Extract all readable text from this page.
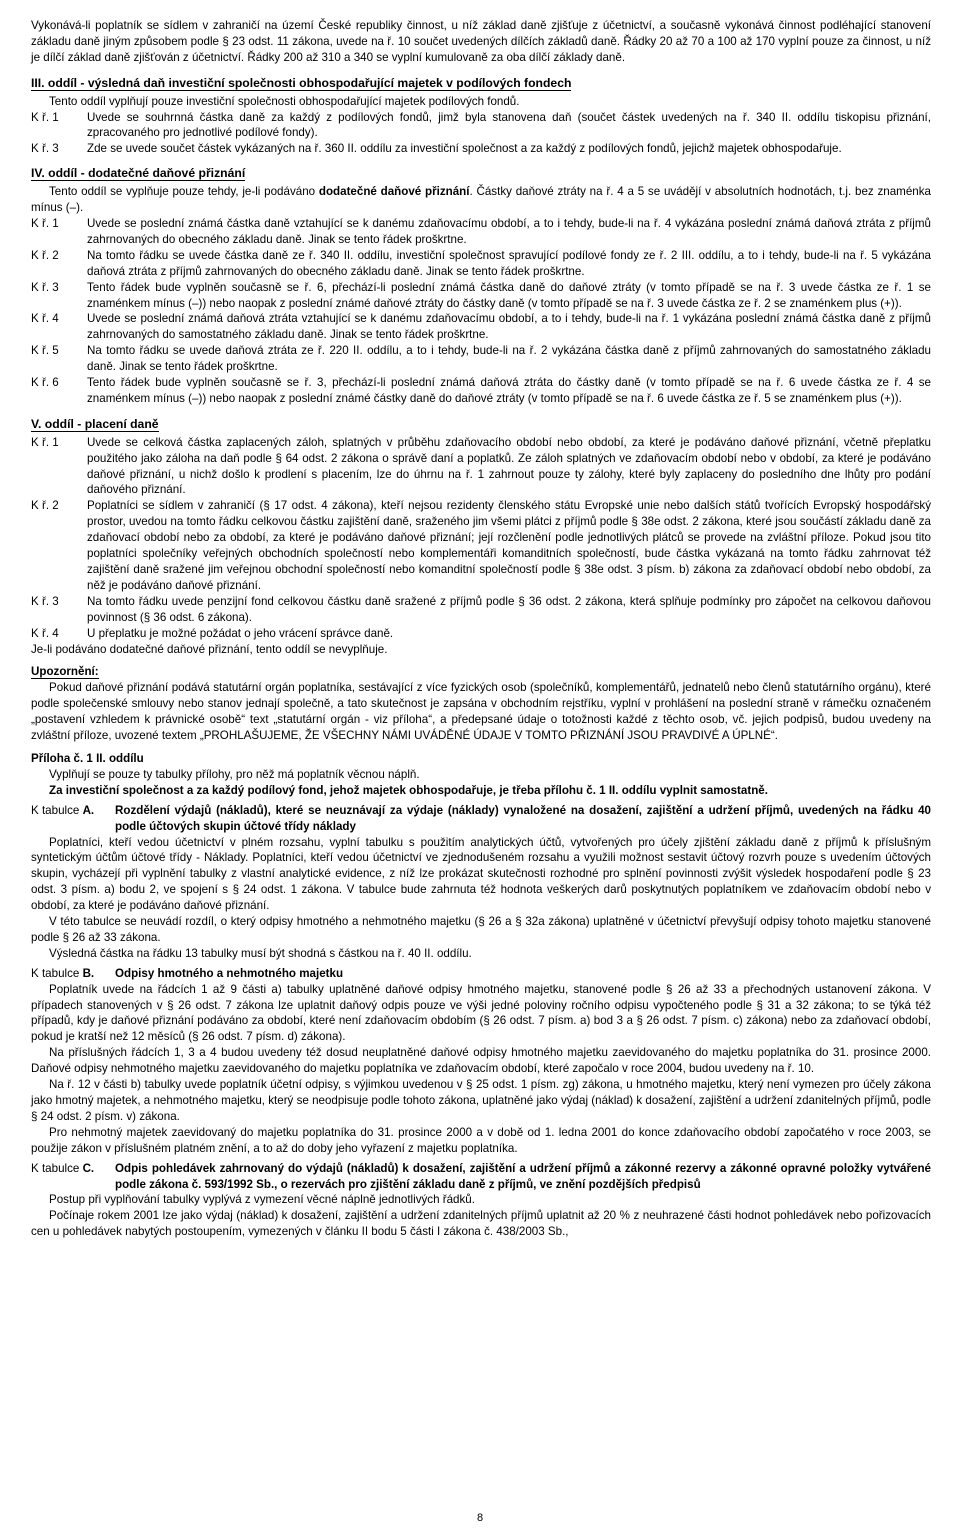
Vykonává-li poplatník se sídlem v zahraničí na území České republiky činnost, u níž základ daně zjišťuje z účetnictví, a současně vykonává činnost podléhající stanovení základu daně jiným způsobem podle § 23 odst. 11 zákona, uvede na ř. 10 součet uvedených dílčích základů daně. Řádky 20 až 70 a 100 až 170 vyplní pouze za činnost, u níž je dílčí základ daně zjišťován z účetnictví. Řádky 200 až 310 a 340 se vyplní kumulovaně za oba dílčí základy daně.

III. oddíl - výsledná daň investiční společnosti obhospodařující majetek v podílových fondech

Tento oddíl vyplňují pouze investiční společnosti obhospodařující majetek podílových fondů.

K ř. 1	Uvede se souhrnná částka daně za každý z podílových fondů, jimž byla stanovena daň (součet částek uvedených na ř. 340 II. oddílu tiskopisu přiznání, zpracovaného pro jednotlivé podílové fondy).
K ř. 3	Zde se uvede součet částek vykázaných na ř. 360 II. oddílu za investiční společnost a za každý z podílových fondů, jejichž majetek obhospodařuje.
IV. oddíl - dodatečné daňové přiznání

Tento oddíl se vyplňuje pouze tehdy, je-li podáváno dodatečné daňové přiznání. Částky daňové ztráty na ř. 4 a 5 se uvádějí v absolutních hodnotách, t.j. bez znaménka mínus (–).

K ř. 1	Uvede se poslední známá částka daně vztahující se k danému zdaňovacímu období, a to i tehdy, bude-li na ř. 4 vykázána poslední známá daňová ztráta z příjmů zahrnovaných do obecného základu daně. Jinak se tento řádek proškrtne.
K ř. 2	Na tomto řádku se uvede částka daně ze ř. 340 II. oddílu, investiční společnost spravující podílové fondy ze ř. 2 III. oddílu, a to i tehdy, bude-li na ř. 5 vykázána daňová ztráta z příjmů zahrnovaných do obecného základu daně. Jinak se tento řádek proškrtne.
K ř. 3	Tento řádek bude vyplněn současně se ř. 6, přechází-li poslední známá částka daně do daňové ztráty (v tomto případě se na ř. 3 uvede částka ze ř. 1 se znaménkem mínus (–)) nebo naopak z poslední známé daňové ztráty do částky daně (v tomto případě se na ř. 3 uvede částka ze ř. 2 se znaménkem plus (+)).
K ř. 4	Uvede se poslední známá daňová ztráta vztahující se k danému zdaňovacímu období, a to i tehdy, bude-li na ř. 1 vykázána poslední známá částka daně z příjmů zahrnovaných do samostatného základu daně. Jinak se tento řádek proškrtne.
K ř. 5	Na tomto řádku se uvede daňová ztráta ze ř. 220 II. oddílu, a to i tehdy, bude-li na ř. 2 vykázána částka daně z příjmů zahrnovaných do samostatného základu daně. Jinak se tento řádek proškrtne.
K ř. 6	Tento řádek bude vyplněn současně se ř. 3, přechází-li poslední známá daňová ztráta do částky daně (v tomto případě se na ř. 6 uvede částka ze ř. 4 se znaménkem mínus (–)) nebo naopak z poslední známé částky daně do daňové ztráty (v tomto případě se na ř. 6 uvede částka ze ř. 5 se znaménkem plus (+)).
V. oddíl - placení daně
K ř. 1	Uvede se celková částka zaplacených záloh, splatných v průběhu zdaňovacího období nebo období, za které je podáváno daňové přiznání, včetně přeplatku použitého jako záloha na daň podle § 64 odst. 2 zákona o správě daní a poplatků. Ze záloh splatných ve zdaňovacím období nebo v období, za které je podáváno daňové přiznání, u nichž došlo k prodlení s placením, lze do úhrnu na ř. 1 zahrnout pouze ty zálohy, které byly zaplaceny do posledního dne lhůty pro podání daňového přiznání.
K ř. 2	Poplatníci se sídlem v zahraničí (§ 17 odst. 4 zákona), kteří nejsou rezidenty členského státu Evropské unie nebo dalších států tvořících Evropský hospodářský prostor, uvedou na tomto řádku celkovou částku zajištění daně, sraženého jim všemi plátci z příjmů podle § 38e odst. 2 zákona, které jsou součástí základu daně za zdaňovací období nebo za období, za které je podáváno daňové přiznání; její rozčlenění podle jednotlivých plátců se provede na zvláštní příloze. Pokud jsou tito poplatníci společníky veřejných obchodních společností nebo komplementáři komanditních společností, bude částka vykázaná na tomto řádku zahrnovat též zajištění daně sražené jim veřejnou obchodní společností nebo komanditní společností podle § 38e odst. 3 písm. b) zákona za zdaňovací období nebo období, za něž je podáváno daňové přiznání.
K ř. 3	Na tomto řádku uvede penzijní fond celkovou částku daně sražené z příjmů podle § 36 odst. 2 zákona, která splňuje podmínky pro zápočet na celkovou daňovou povinnost (§ 36 odst. 6 zákona).
K ř. 4	U přeplatku je možné požádat o jeho vrácení správce daně.

Je-li podáváno dodatečné daňové přiznání, tento oddíl se nevyplňuje.

Upozornění:

Pokud daňové přiznání podává statutární orgán poplatníka, sestávající z více fyzických osob (společníků, komplementářů, jednatelů nebo členů statutárního orgánu), které podle společenské smlouvy nebo stanov jednají společně, a tato skutečnost je zapsána v obchodním rejstříku, vyplní v prohlášení na poslední straně v rámečku označeném „postavení vzhledem k právnické osobě“ text „statutární orgán - viz příloha“, a předepsané údaje o totožnosti každé z těchto osob, vč. jejich podpisů, budou uvedeny na zvláštní příloze, uvozené textem „PROHLAŠUJEME, ŽE VŠECHNY NÁMI UVÁDĚNÉ ÚDAJE V TOMTO PŘIZNÁNÍ JSOU PRAVDIVÉ A ÚPLNÉ“.

Příloha č. 1 II. oddílu

Vyplňují se pouze ty tabulky přílohy, pro něž má poplatník věcnou náplň.

Za investiční společnost a za každý podílový fond, jehož majetek obhospodařuje, je třeba přílohu č. 1 II. oddílu vyplnit samostatně.

K tabulce A.	Rozdělení výdajů (nákladů), které se neuznávají za výdaje (náklady) vynaložené na dosažení, zajištění a udržení příjmů, uvedených na řádku 40 podle účtových skupin účtové třídy náklady

Poplatníci, kteří vedou účetnictví v plném rozsahu, vyplní tabulku s použitím analytických účtů, vytvořených pro účely zjištění základu daně z příjmů k příslušným syntetickým účtům účtové třídy - Náklady. Poplatníci, kteří vedou účetnictví ve zjednodušeném rozsahu a využili možnost sestavit účtový rozvrh pouze s uvedením účtových skupin, vycházejí při vyplnění tabulky z vlastní analytické evidence, z níž lze prokázat skutečnosti rozhodné pro splnění povinnosti zvýšit výsledek hospodaření podle § 23 odst. 3 písm. a) bodu 2, ve spojení s § 24 odst. 1 zákona. V tabulce bude zahrnuta též hodnota veškerých darů poskytnutých poplatníkem ve zdaňovacím období nebo v období, za které je podáváno daňové přiznání.

V této tabulce se neuvádí rozdíl, o který odpisy hmotného a nehmotného majetku (§ 26 a § 32a zákona) uplatněné v účetnictví převyšují odpisy tohoto majetku stanovené podle § 26 až 33 zákona.

Výsledná částka na řádku 13 tabulky musí být shodná s částkou na ř. 40 II. oddílu.

K tabulce B.	Odpisy hmotného a nehmotného majetku

Poplatník uvede na řádcích 1 až 9 části a) tabulky uplatněné daňové odpisy hmotného majetku, stanovené podle § 26 až 33 a přechodných ustanovení zákona. V případech stanovených v § 26 odst. 7 zákona lze uplatnit daňový odpis pouze ve výši jedné poloviny ročního odpisu vypočteného podle § 31 a 32 zákona; to se týká též případů, kdy je daňové přiznání podáváno za období, které není zdaňovacím obdobím (§ 26 odst. 7 písm. a) bod 3 a § 26 odst. 7 písm. c) zákona) nebo za zdaňovací období, pokud je kratší než 12 měsíců (§ 26 odst. 7 písm. d) zákona).

Na příslušných řádcích 1, 3 a 4 budou uvedeny též dosud neuplatněné daňové odpisy hmotného majetku zaevidovaného do majetku poplatníka do 31. prosince 2000. Daňové odpisy nehmotného majetku zaevidovaného do majetku poplatníka ve zdaňovacím období, které započalo v roce 2004, budou uvedeny na ř. 10.

Na ř. 12 v části b) tabulky uvede poplatník účetní odpisy, s výjimkou uvedenou v § 25 odst. 1 písm. zg) zákona, u hmotného majetku, který není vymezen pro účely zákona jako hmotný majetek, a nehmotného majetku, který se neodpisuje podle tohoto zákona, uplatněné jako výdaj (náklad) k dosažení, zajištění a udržení zdanitelných příjmů, podle § 24 odst. 2 písm. v) zákona.

Pro nehmotný majetek zaevidovaný do majetku poplatníka do 31. prosince 2000 a v době od 1. ledna 2001 do konce zdaňovacího období započatého v roce 2003, se použije zákon v příslušném platném znění, a to až do doby jeho vyřazení z majetku poplatníka.

K tabulce C.	Odpis pohledávek zahrnovaný do výdajů (nákladů) k dosažení, zajištění a udržení příjmů a zákonné rezervy a zákonné opravné položky vytvářené podle zákona č. 593/1992 Sb., o rezervách pro zjištění základu daně z příjmů, ve znění pozdějších předpisů

Postup při vyplňování tabulky vyplývá z vymezení věcné náplně jednotlivých řádků.

Počínaje rokem 2001 lze jako výdaj (náklad) k dosažení, zajištění a udržení zdanitelných příjmů uplatnit až 20 % z neuhrazené části hodnot pohledávek nebo pořizovacích cen u pohledávek nabytých postoupením, vymezených v článku II bodu 5 části I zákona č. 438/2003 Sb.,

8
